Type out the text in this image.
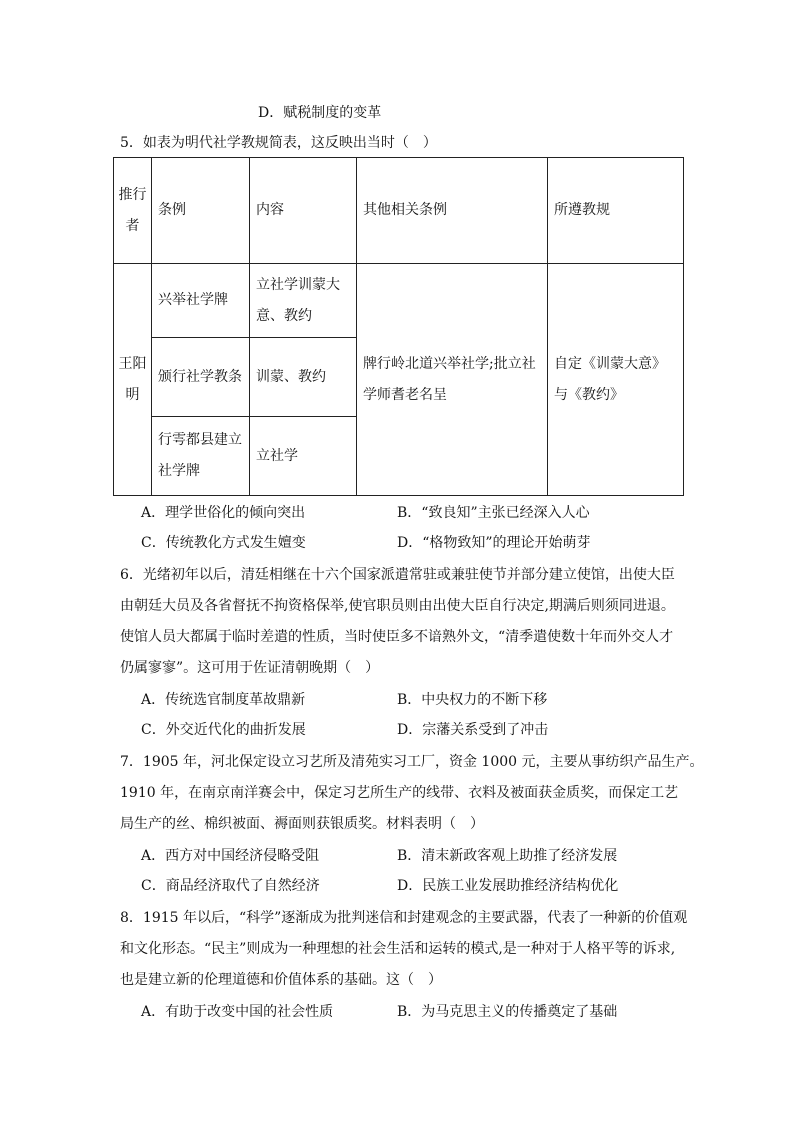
D．赋税制度的变革
5．如表为明代社学教规简表，这反映出当时（　）
推行者	条例	内容	其他相关条例	所遵教规
王阳明	兴举社学牌	立社学训蒙大意、教约	牌行岭北道兴举社学;批立社学师耆老名呈	自定《训蒙大意》与《教约》
	颁行社学教条	训蒙、教约		
	行雩都县建立社学牌	立社学		
A．理学世俗化的倾向突出	B．“致良知”主张已经深入人心
C．传统教化方式发生嬗变	D．“格物致知”的理论开始萌芽
6．光绪初年以后，清廷相继在十六个国家派遣常驻或兼驻使节并部分建立使馆，出使大臣
由朝廷大员及各省督抚不拘资格保举,使官职员则由出使大臣自行决定,期满后则须同进退。
使馆人员大都属于临时差遣的性质，当时使臣多不谙熟外文，“清季遣使数十年而外交人才
仍属寥寥”。这可用于佐证清朝晚期（　）
A．传统选官制度革故鼎新	B．中央权力的不断下移
C．外交近代化的曲折发展	D．宗藩关系受到了冲击
7．1905 年，河北保定设立习艺所及清苑实习工厂，资金 1000 元，主要从事纺织产品生产。
1910 年，在南京南洋赛会中，保定习艺所生产的线带、衣料及被面获金质奖，而保定工艺
局生产的丝、棉织被面、褥面则获银质奖。材料表明（　）
A．西方对中国经济侵略受阻	B．清末新政客观上助推了经济发展
C．商品经济取代了自然经济	D．民族工业发展助推经济结构优化
8．1915 年以后，“科学”逐渐成为批判迷信和封建观念的主要武器，代表了一种新的价值观
和文化形态。“民主”则成为一种理想的社会生活和运转的模式,是一种对于人格平等的诉求,
也是建立新的伦理道德和价值体系的基础。这（　）
A．有助于改变中国的社会性质	B．为马克思主义的传播奠定了基础
